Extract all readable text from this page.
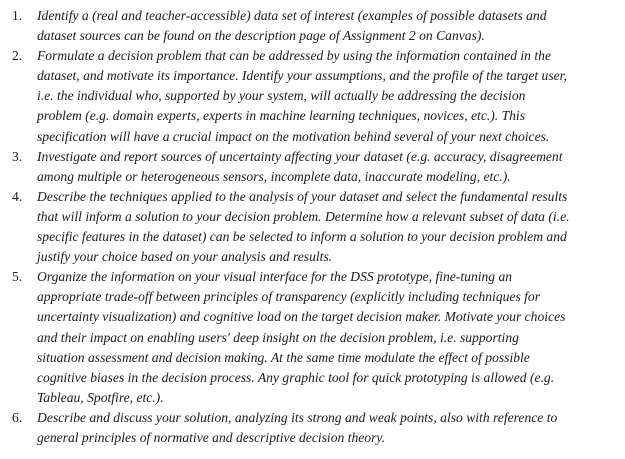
1.	Identify a (real and teacher-accessible) data set of interest (examples of possible datasets and
dataset sources can be found on the description page of Assignment 2 on Canvas).
2.	Formulate a decision problem that can be addressed by using the information contained in the
dataset, and motivate its importance. Identify your assumptions, and the profile of the target user,
i.e. the individual who, supported by your system, will actually be addressing the decision
problem (e.g. domain experts, experts in machine learning techniques, novices, etc.). This
specification will have a crucial impact on the motivation behind several of your next choices.
3.	Investigate and report sources of uncertainty affecting your dataset (e.g. accuracy, disagreement
among multiple or heterogeneous sensors, incomplete data, inaccurate modeling, etc.).
4.	Describe the techniques applied to the analysis of your dataset and select the fundamental results
that will inform a solution to your decision problem. Determine how a relevant subset of data (i.e.
specific features in the dataset) can be selected to inform a solution to your decision problem and
justify your choice based on your analysis and results.
5.	Organize the information on your visual interface for the DSS prototype, fine-tuning an
appropriate trade-off between principles of transparency (explicitly including techniques for
uncertainty visualization) and cognitive load on the target decision maker. Motivate your choices
and their impact on enabling users' deep insight on the decision problem, i.e. supporting
situation assessment and decision making. At the same time modulate the effect of possible
cognitive biases in the decision process. Any graphic tool for quick prototyping is allowed (e.g.
Tableau, Spotfire, etc.).
6.	Describe and discuss your solution, analyzing its strong and weak points, also with reference to
general principles of normative and descriptive decision theory.
